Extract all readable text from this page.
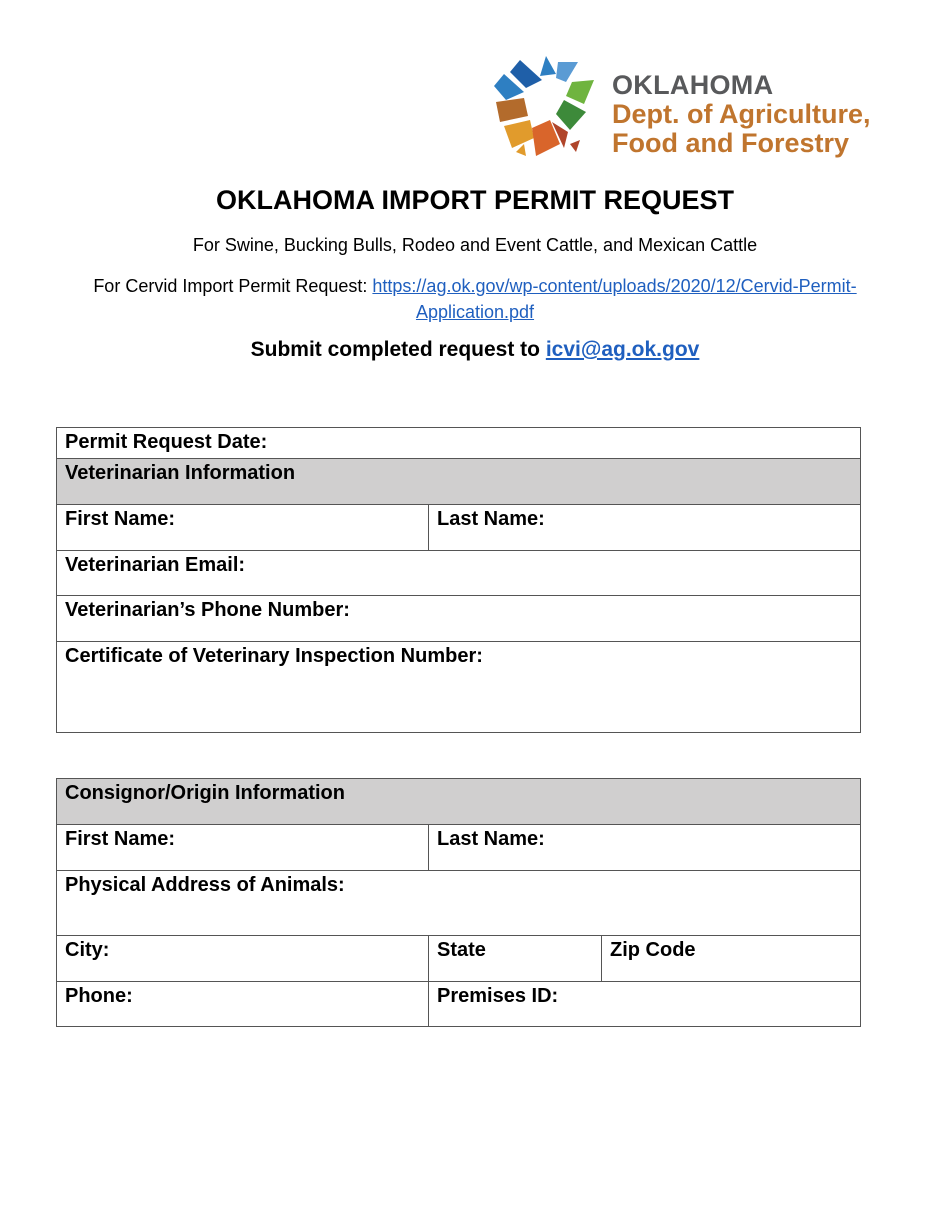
OKLAHOMA
Dept. of Agriculture,
Food and Forestry
OKLAHOMA IMPORT PERMIT REQUEST
For Swine, Bucking Bulls, Rodeo and Event Cattle, and Mexican Cattle
For Cervid Import Permit Request: https://ag.ok.gov/wp-content/uploads/2020/12/Cervid-Permit-Application.pdf
Submit completed request to icvi@ag.ok.gov
Permit Request Date:
Veterinarian Information
First Name:	Last Name:
Veterinarian Email:
Veterinarian’s Phone Number:
Certificate of Veterinary Inspection Number:
Consignor/Origin Information		
First Name:	Last Name:	
Physical Address of Animals:		
City:	State	Zip Code
Phone:	Premises ID:	
